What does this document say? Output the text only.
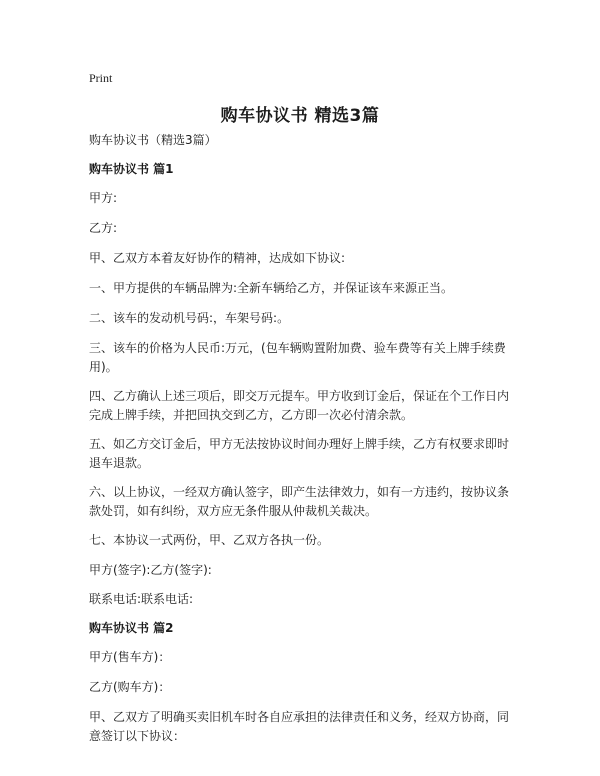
Print
购车协议书 精选3篇

购车协议书（精选3篇）

购车协议书 篇1

甲方:

乙方:

甲、乙双方本着友好协作的精神，达成如下协议:

一、甲方提供的车辆品牌为:全新车辆给乙方，并保证该车来源正当。

二、该车的发动机号码:，车架号码:。

三、该车的价格为人民币:万元，(包车辆购置附加费、验车费等有关上牌手续费用)。

四、乙方确认上述三项后，即交万元提车。甲方收到订金后，保证在个工作日内完成上牌手续，并把回执交到乙方，乙方即一次必付清余款。

五、如乙方交订金后，甲方无法按协议时间办理好上牌手续，乙方有权要求即时退车退款。

六、以上协议，一经双方确认签字，即产生法律效力，如有一方违约，按协议条款处罚，如有纠纷，双方应无条件服从仲裁机关裁决。

七、本协议一式两份，甲、乙双方各执一份。

甲方(签字):乙方(签字):

联系电话:联系电话:

购车协议书 篇2

甲方(售车方)：

乙方(购车方)：

甲、乙双方了明确买卖旧机车时各自应承担的法律责任和义务，经双方协商，同意签订以下协议：
